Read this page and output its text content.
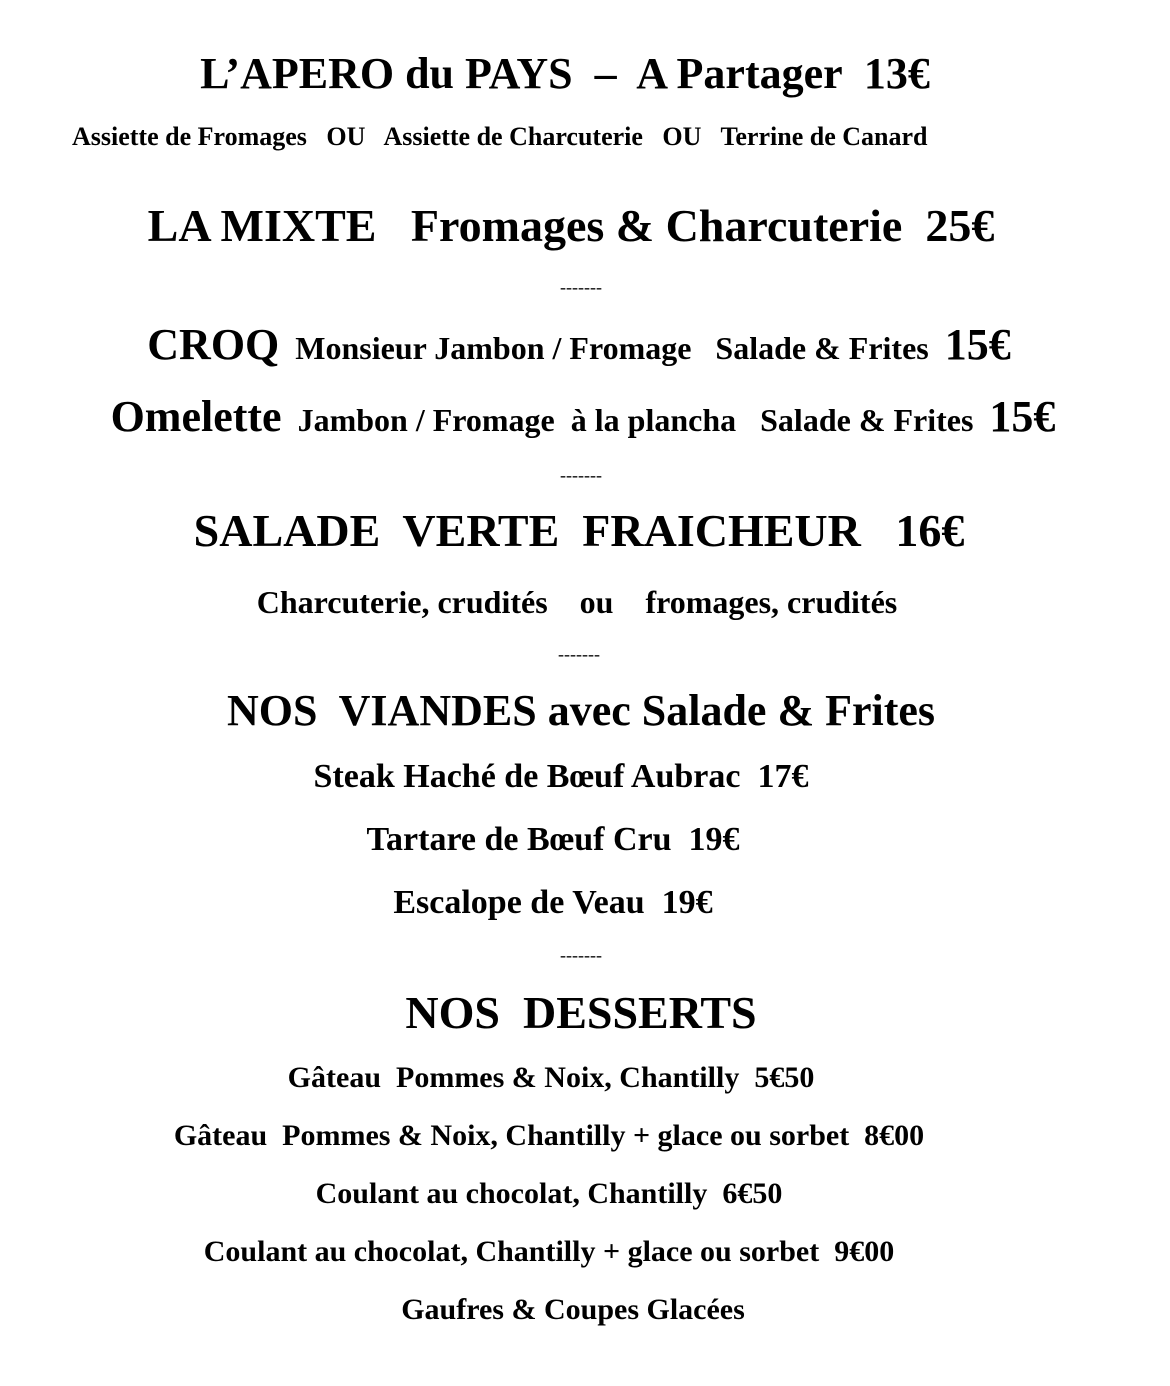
L’APERO du PAYS  –  A Partager  13€
Assiette de Fromages   OU   Assiette de Charcuterie   OU   Terrine de Canard
LA MIXTE   Fromages & Charcuterie  25€
-------
CROQ  Monsieur Jambon / Fromage   Salade & Frites  15€
Omelette  Jambon / Fromage  à la plancha   Salade & Frites  15€
-------
SALADE  VERTE  FRAICHEUR   16€
Charcuterie, crudités    ou    fromages, crudités
-------
NOS  VIANDES avec Salade & Frites
Steak Haché de Bœuf Aubrac  17€
Tartare de Bœuf Cru  19€
Escalope de Veau  19€
-------
NOS  DESSERTS
Gâteau  Pommes & Noix, Chantilly  5€50
Gâteau  Pommes & Noix, Chantilly + glace ou sorbet  8€00
Coulant au chocolat, Chantilly  6€50
Coulant au chocolat, Chantilly + glace ou sorbet  9€00
Gaufres & Coupes Glacées
